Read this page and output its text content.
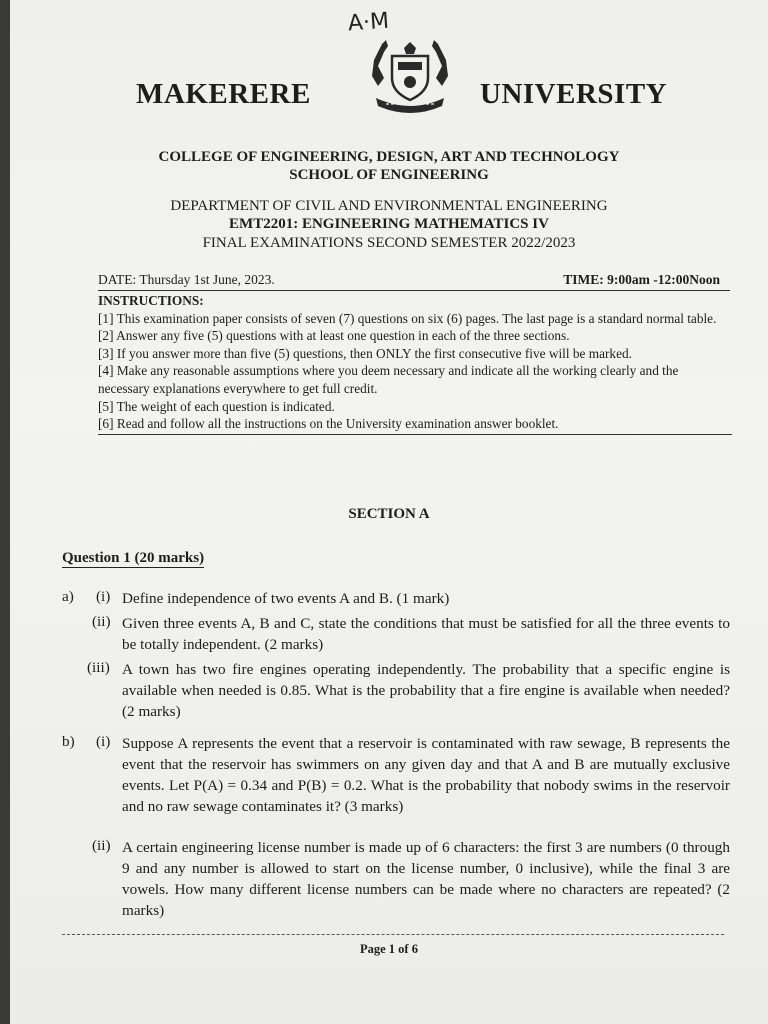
A·M
MAKERERE	UNIVERSITY
COLLEGE OF ENGINEERING, DESIGN, ART AND TECHNOLOGY
SCHOOL OF ENGINEERING
DEPARTMENT OF CIVIL AND ENVIRONMENTAL ENGINEERING
EMT2201: ENGINEERING MATHEMATICS IV
FINAL EXAMINATIONS SECOND SEMESTER 2022/2023
DATE: Thursday 1st June, 2023.	TIME: 9:00am -12:00Noon

INSTRUCTIONS:

[1] This examination paper consists of seven (7) questions on six (6) pages. The last page is a standard normal table.

[2] Answer any five (5) questions with at least one question in each of the three sections.

[3] If you answer more than five (5) questions, then ONLY the first consecutive five will be marked.

[4] Make any reasonable assumptions where you deem necessary and indicate all the working clearly and the necessary explanations everywhere to get full credit.

[5] The weight of each question is indicated.

[6] Read and follow all the instructions on the University examination answer booklet.

SECTION A
Question 1 (20 marks)
a) (i) Define independence of two events A and B. (1 mark)
(ii) Given three events A, B and C, state the conditions that must be satisfied for all the three events to be totally independent. (2 marks)
(iii) A town has two fire engines operating independently. The probability that a specific engine is available when needed is 0.85. What is the probability that a fire engine is available when needed? (2 marks)
b) (i) Suppose A represents the event that a reservoir is contaminated with raw sewage, B represents the event that the reservoir has swimmers on any given day and that A and B are mutually exclusive events. Let P(A) = 0.34 and P(B) = 0.2. What is the probability that nobody swims in the reservoir and no raw sewage contaminates it? (3 marks)
(ii) A certain engineering license number is made up of 6 characters: the first 3 are numbers (0 through 9 and any number is allowed to start on the license number, 0 inclusive), while the final 3 are vowels. How many different license numbers can be made where no characters are repeated? (2 marks)
Page 1 of 6
